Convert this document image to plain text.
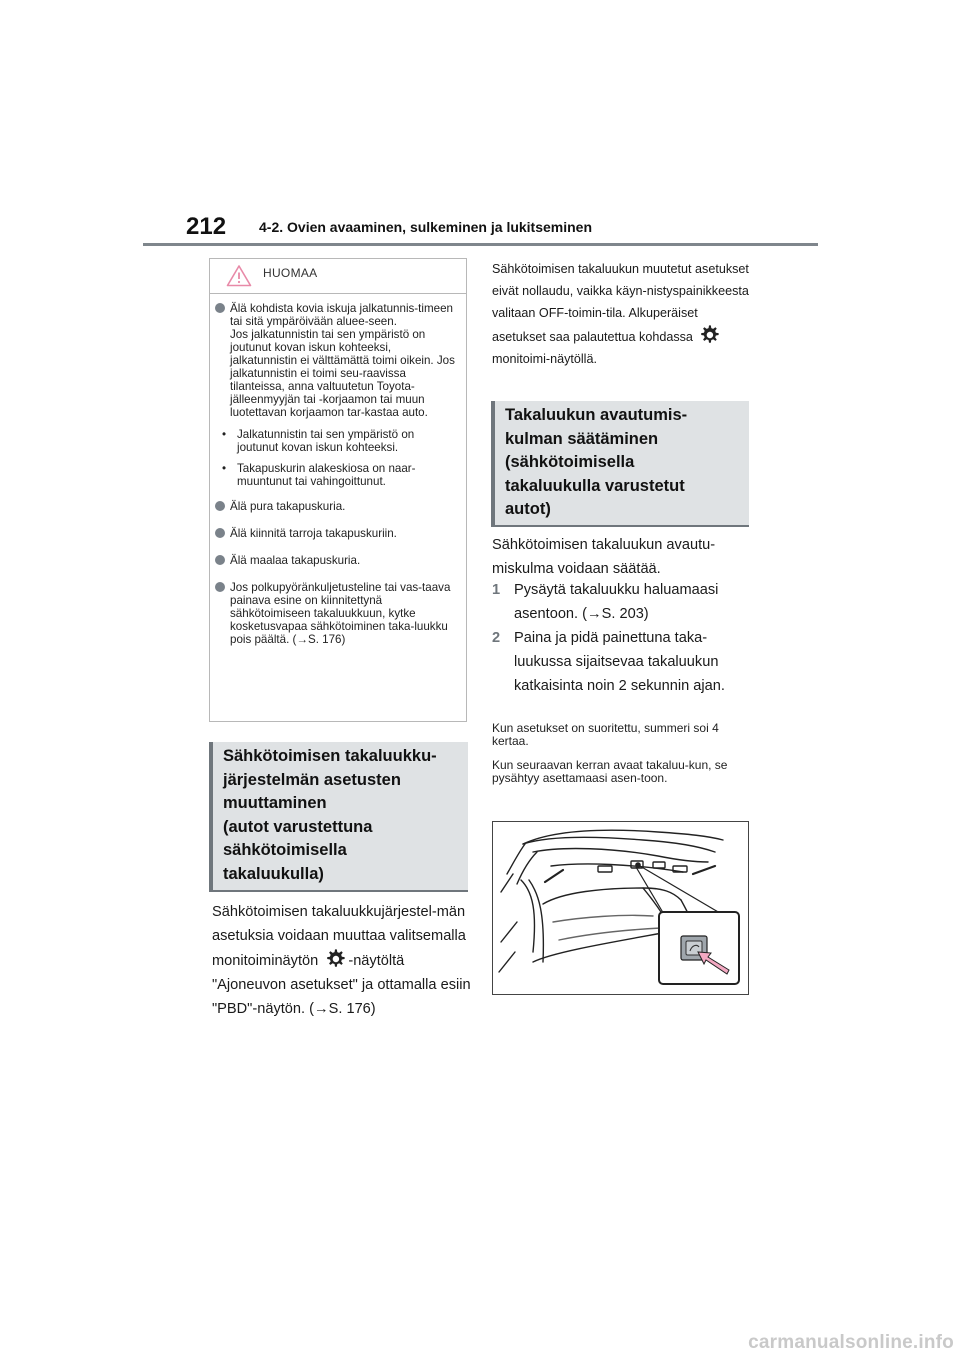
212 4-2. Ovien avaaminen, sulkeminen ja lukitseminen
HUOMAA

Älä kohdista kovia iskuja jalkatunnis-timeen tai sitä ympäröivään aluee-seen.
Jos jalkatunnistin tai sen ympäristö on joutunut kovan iskun kohteeksi, jalkatunnistin ei välttämättä toimi oikein. Jos jalkatunnistin ei toimi seu-raavissa tilanteissa, anna valtuutetun Toyota-jälleenmyyjän tai -korjaamon tai muun luotettavan korjaamon tar-kastaa auto.

• Jalkatunnistin tai sen ympäristö on joutunut kovan iskun kohteeksi.

• Takapuskurin alakeskiosa on naar-muuntunut tai vahingoittunut.

Älä pura takapuskuria.

Älä kiinnitä tarroja takapuskuriin.

Älä maalaa takapuskuria.

Jos polkupyöränkuljetusteline tai vas-taava painava esine on kiinnitettynä sähkötoimiseen takaluukkuun, kytke kosketusvapaa sähkötoiminen taka-luukku pois päältä. (→S. 176)

Sähkötoimisen takaluukku-
järjestelmän asetusten
muuttaminen
(autot varustettuna
sähkötoimisella
takaluukulla)
Sähkötoimisen takaluukkujärjestel-män asetuksia voidaan muuttaa valitsemalla monitoiminäytön -näytöltä "Ajoneuvon asetukset" ja ottamalla esiin "PBD"-näytön. (→S. 176)
Sähkötoimisen takaluukun muutetut asetukset eivät nollaudu, vaikka käyn-nistyspainikkeesta valitaan OFF-toimin-tila. Alkuperäiset asetukset saa palautettua kohdassa  monitoimi-näytöllä.
Takaluukun avautumis-
kulman säätäminen
(sähkötoimisella
takaluukulla varustetut
autot)
Sähkötoimisen takaluukun avautu-miskulma voidaan säätää.
1 Pysäytä takaluukku haluamaasi asentoon. (→S. 203)
2 Paina ja pidä painettuna taka-luukussa sijaitsevaa takaluukun katkaisinta noin 2 sekunnin ajan.
Kun asetukset on suoritettu, summeri soi 4 kertaa.
Kun seuraavan kerran avaat takaluu-kun, se pysähtyy asettamaasi asen-toon.
carmanualsonline.info
